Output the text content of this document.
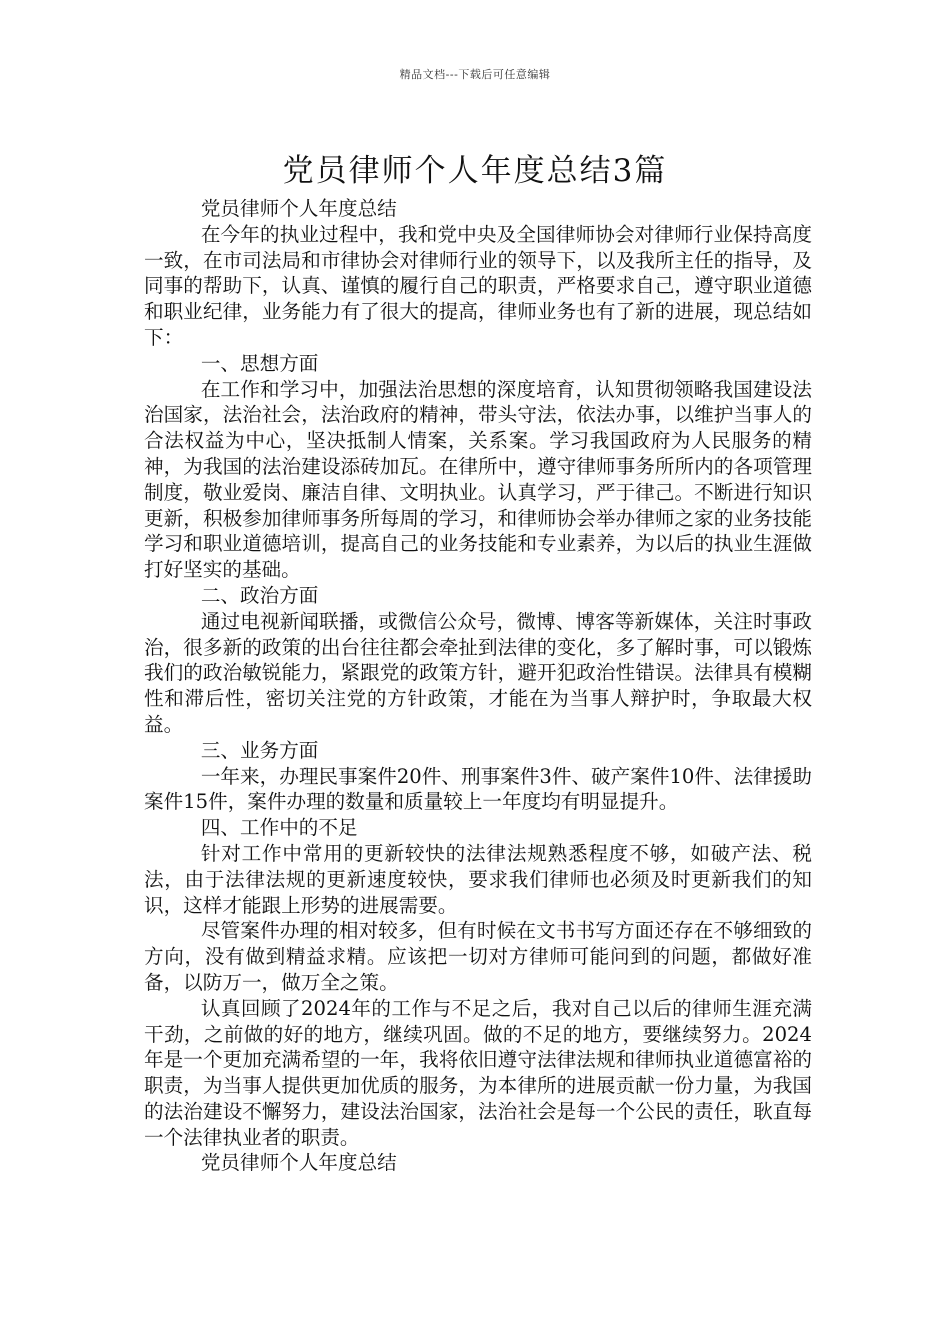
精品文档---下载后可任意编辑
党员律师个人年度总结3篇

党员律师个人年度总结

在今年的执业过程中，我和党中央及全国律师协会对律师行业保持高度一致，在市司法局和市律协会对律师行业的领导下，以及我所主任的指导，及同事的帮助下，认真、谨慎的履行自己的职责，严格要求自己，遵守职业道德和职业纪律，业务能力有了很大的提高，律师业务也有了新的进展，现总结如下：

一、思想方面

在工作和学习中，加强法治思想的深度培育，认知贯彻领略我国建设法治国家，法治社会，法治政府的精神，带头守法，依法办事，以维护当事人的合法权益为中心，坚决抵制人情案，关系案。学习我国政府为人民服务的精神，为我国的法治建设添砖加瓦。在律所中，遵守律师事务所所内的各项管理制度，敬业爱岗、廉洁自律、文明执业。认真学习，严于律己。不断进行知识更新，积极参加律师事务所每周的学习，和律师协会举办律师之家的业务技能学习和职业道德培训，提高自己的业务技能和专业素养，为以后的执业生涯做打好坚实的基础。

二、政治方面

通过电视新闻联播，或微信公众号，微博、博客等新媒体，关注时事政治，很多新的政策的出台往往都会牵扯到法律的变化，多了解时事，可以锻炼我们的政治敏锐能力，紧跟党的政策方针，避开犯政治性错误。法律具有模糊性和滞后性，密切关注党的方针政策，才能在为当事人辩护时，争取最大权益。

三、业务方面

一年来，办理民事案件20件、刑事案件3件、破产案件10件、法律援助案件15件，案件办理的数量和质量较上一年度均有明显提升。

四、工作中的不足

针对工作中常用的更新较快的法律法规熟悉程度不够，如破产法、税法，由于法律法规的更新速度较快，要求我们律师也必须及时更新我们的知识，这样才能跟上形势的进展需要。

尽管案件办理的相对较多，但有时候在文书书写方面还存在不够细致的方向，没有做到精益求精。应该把一切对方律师可能问到的问题，都做好准备，以防万一，做万全之策。

认真回顾了2024年的工作与不足之后，我对自己以后的律师生涯充满干劲，之前做的好的地方，继续巩固。做的不足的地方，要继续努力。2024年是一个更加充满希望的一年，我将依旧遵守法律法规和律师执业道德富裕的职责，为当事人提供更加优质的服务，为本律所的进展贡献一份力量，为我国的法治建设不懈努力，建设法治国家，法治社会是每一个公民的责任，耿直每一个法律执业者的职责。

党员律师个人年度总结
